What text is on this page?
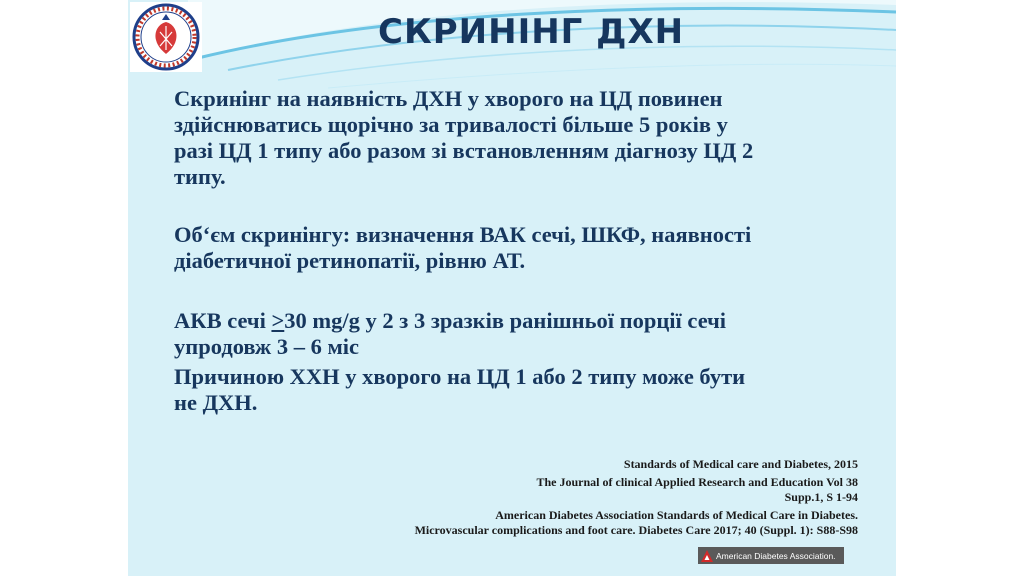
СКРИНІНГ ДХН

Скринінг на наявність ДХН у хворого на ЦД повинен
здійснюватись щорічно за тривалості більше 5 років у
разі ЦД 1 типу або разом зі встановленням діагнозу ЦД 2
типу.

Об‘єм скринінгу: визначення ВАК сечі, ШКФ, наявності
діабетичної ретинопатії, рівню АТ.

АКВ сечі ≥30 mg/g у 2 з 3 зразків ранішньої порції сечі
упродовж 3 – 6 міс

Причиною ХХН у хворого на ЦД 1 або 2 типу може бути
не ДХН.

Standards of Medical care and Diabetes, 2015

The Journal of clinical Applied Research and Education Vol 38
Supp.1, S 1-94

American Diabetes Association Standards of Medical Care in Diabetes.
Microvascular complications and foot care. Diabetes Care 2017; 40 (Suppl. 1): S88-S98

American Diabetes Association.
